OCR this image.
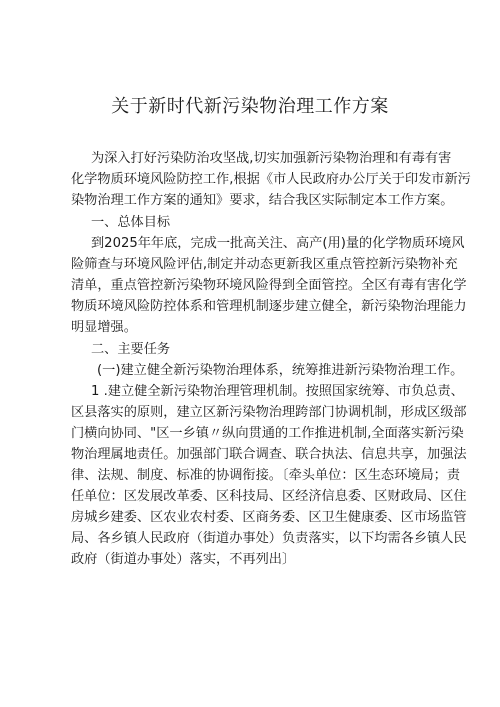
关于新时代新污染物治理工作方案
为深入打好污染防治攻坚战,切实加强新污染物治理和有毒有害
化学物质环境风险防控工作,根据《市人民政府办公厅关于印发市新污
染物治理工作方案的通知》要求，结合我区实际制定本工作方案。
一、总体目标
到2025年年底，完成一批高关注、高产(用)量的化学物质环境风
险筛查与环境风险评估,制定并动态更新我区重点管控新污染物补充
清单，重点管控新污染物环境风险得到全面管控。全区有毒有害化学
物质环境风险防控体系和管理机制逐步建立健全，新污染物治理能力
明显增强。
二、主要任务
(一)建立健全新污染物治理体系，统筹推进新污染物治理工作。
1 .建立健全新污染物治理管理机制。按照国家统筹、市负总责、
区县落实的原则，建立区新污染物治理跨部门协调机制，形成区级部
门横向协同、"区一乡镇〃纵向贯通的工作推进机制,全面落实新污染
物治理属地责任。加强部门联合调查、联合执法、信息共享，加强法
律、法规、制度、标准的协调衔接。〔牵头单位：区生态环境局；责
任单位：区发展改革委、区科技局、区经济信息委、区财政局、区住
房城乡建委、区农业农村委、区商务委、区卫生健康委、区市场监管
局、各乡镇人民政府（街道办事处）负责落实，以下均需各乡镇人民
政府（街道办事处）落实，不再列出〕
